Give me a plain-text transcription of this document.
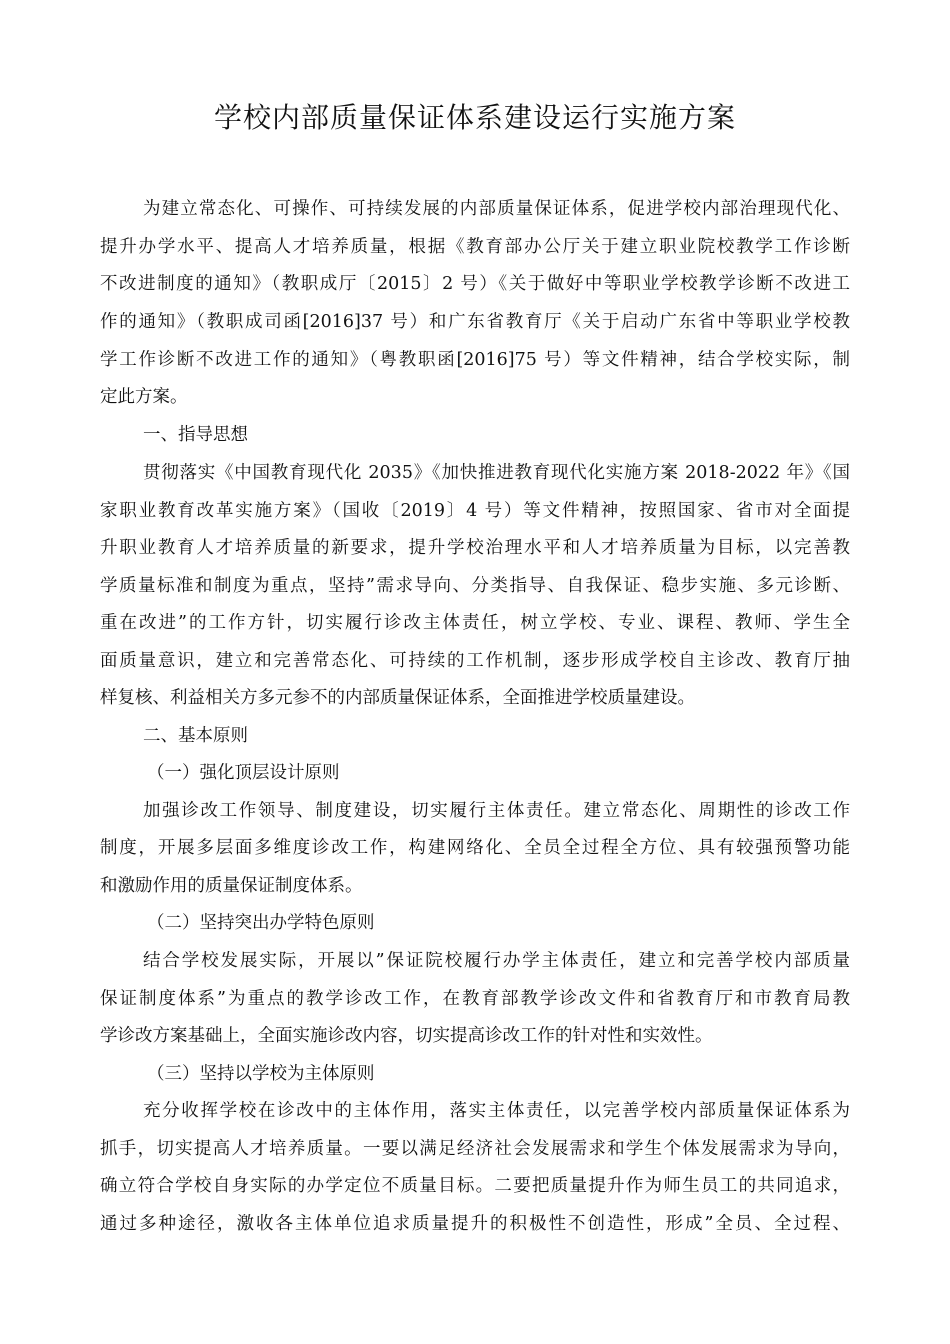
学校内部质量保证体系建设运行实施方案
为建立常态化、可操作、可持续发展的内部质量保证体系，促进学校内部治理现代化、
提升办学水平、提高人才培养质量，根据《教育部办公厅关于建立职业院校教学工作诊断
不改进制度的通知》（教职成厅〔2015〕2 号）《关于做好中等职业学校教学诊断不改进工
作的通知》（教职成司函[2016]37 号）和广东省教育厅《关于启动广东省中等职业学校教
学工作诊断不改进工作的通知》（粤教职函[2016]75 号）等文件精神，结合学校实际，制
定此方案。
一、指导思想
贯彻落实《中国教育现代化 2035》《加快推进教育现代化实施方案 2018-2022 年》《国
家职业教育改革实施方案》（国收〔2019〕4 号）等文件精神，按照国家、省市对全面提
升职业教育人才培养质量的新要求，提升学校治理水平和人才培养质量为目标，以完善教
学质量标准和制度为重点，坚持”需求导向、分类指导、自我保证、稳步实施、多元诊断、
重在改进”的工作方针，切实履行诊改主体责任，树立学校、专业、课程、教师、学生全
面质量意识，建立和完善常态化、可持续的工作机制，逐步形成学校自主诊改、教育厅抽
样复核、利益相关方多元参不的内部质量保证体系，全面推进学校质量建设。
二、基本原则
（一）强化顶层设计原则
加强诊改工作领导、制度建设，切实履行主体责任。建立常态化、周期性的诊改工作
制度，开展多层面多维度诊改工作，构建网络化、全员全过程全方位、具有较强预警功能
和激励作用的质量保证制度体系。
（二）坚持突出办学特色原则
结合学校发展实际，开展以”保证院校履行办学主体责任，建立和完善学校内部质量
保证制度体系”为重点的教学诊改工作，在教育部教学诊改文件和省教育厅和市教育局教
学诊改方案基础上，全面实施诊改内容，切实提高诊改工作的针对性和实效性。
（三）坚持以学校为主体原则
充分收挥学校在诊改中的主体作用，落实主体责任，以完善学校内部质量保证体系为
抓手，切实提高人才培养质量。一要以满足经济社会发展需求和学生个体发展需求为导向，
确立符合学校自身实际的办学定位不质量目标。二要把质量提升作为师生员工的共同追求，
通过多种途径，激收各主体单位追求质量提升的积极性不创造性，形成”全员、全过程、
